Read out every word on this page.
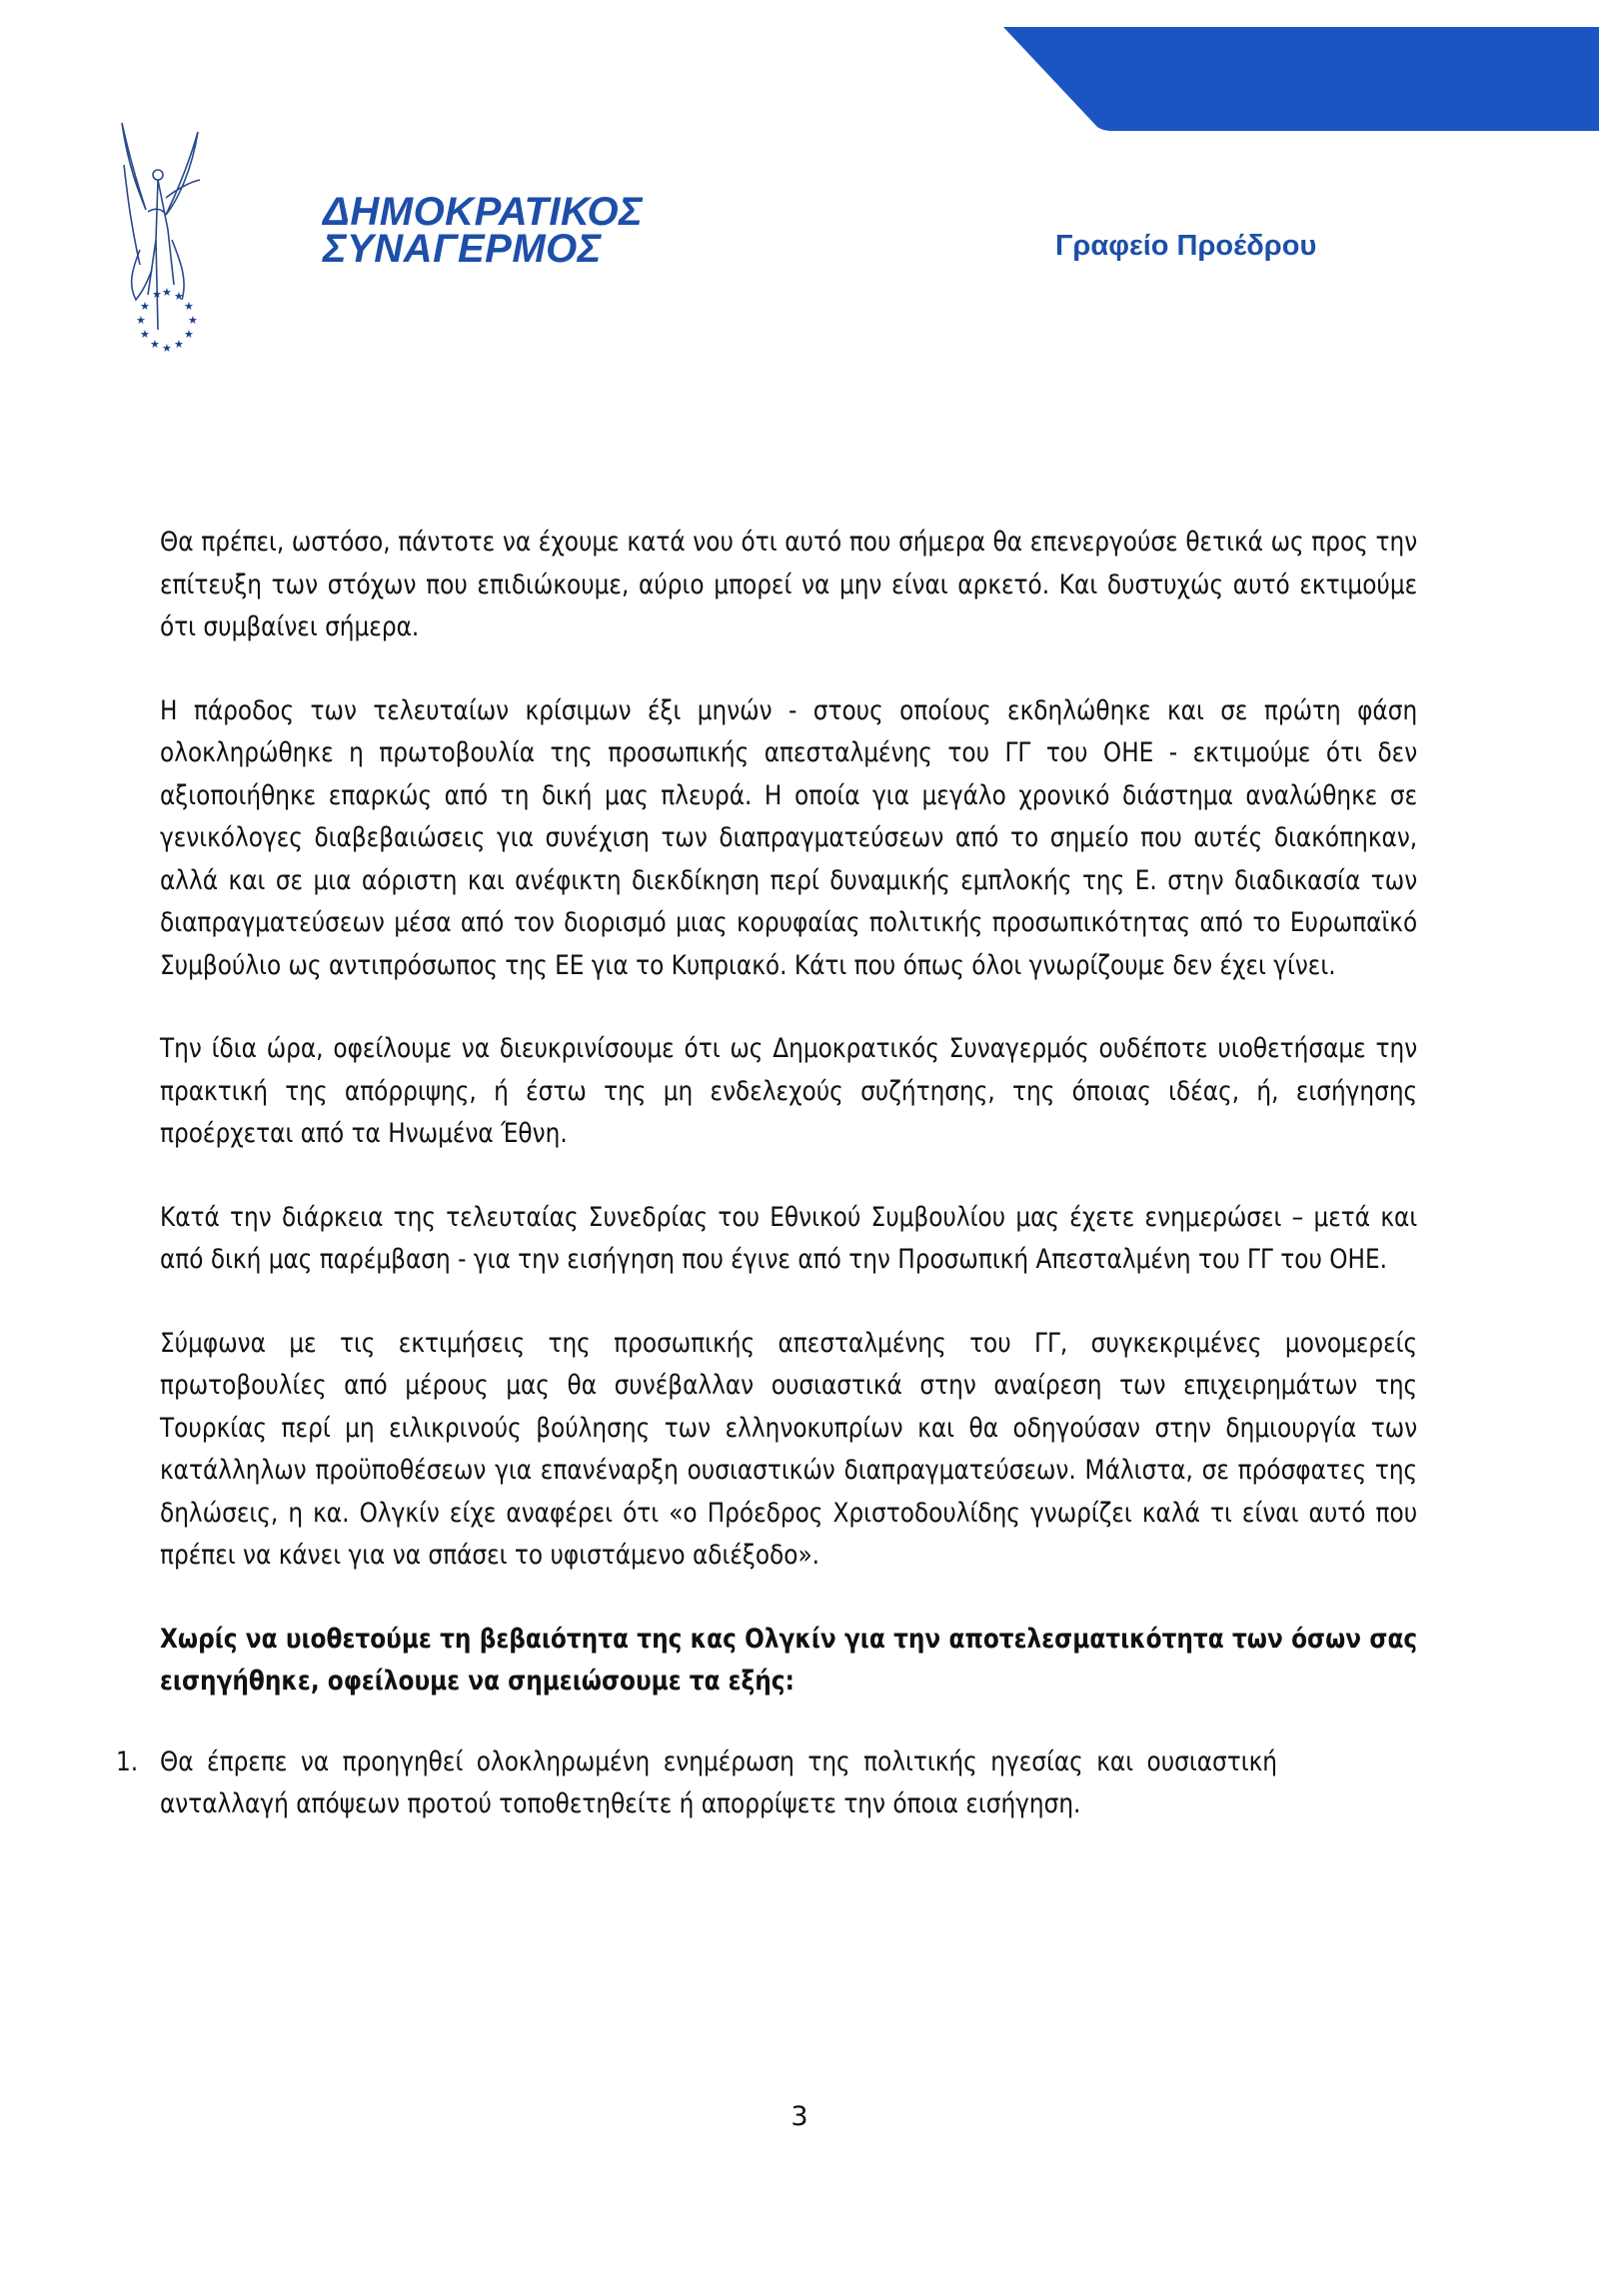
★ ★ ★
★
★
★
★
★
★
★
★
★
ΔΗΜΟΚΡΑΤΙΚΟΣ
ΣΥΝΑΓΕΡΜΟΣ	Γραφείο Προέδρου

Θα πρέπει, ωστόσο, πάντοτε να έχουμε κατά νου ότι αυτό που σήμερα θα επενεργούσε θετικά ως προς την επίτευξη των στόχων που επιδιώκουμε, αύριο μπορεί να μην είναι αρκετό. Και δυστυχώς αυτό εκτιμούμε ότι συμβαίνει σήμερα.

Η πάροδος των τελευταίων κρίσιμων έξι μηνών - στους οποίους εκδηλώθηκε και σε πρώτη φάση ολοκληρώθηκε η πρωτοβουλία της προσωπικής απεσταλμένης του ΓΓ του ΟΗΕ - εκτιμούμε ότι δεν αξιοποιήθηκε επαρκώς από τη δική μας πλευρά. Η οποία για μεγάλο χρονικό διάστημα αναλώθηκε σε γενικόλογες διαβεβαιώσεις για συνέχιση των διαπραγματεύσεων από το σημείο που αυτές διακόπηκαν, αλλά και σε μια αόριστη και ανέφικτη διεκδίκηση περί δυναμικής εμπλοκής της Ε. στην διαδικασία των διαπραγματεύσεων μέσα από τον διορισμό μιας κορυφαίας πολιτικής προσωπικότητας από το Ευρωπαϊκό Συμβούλιο ως αντιπρόσωπος της ΕΕ για το Κυπριακό. Κάτι που όπως όλοι γνωρίζουμε δεν έχει γίνει.

Την ίδια ώρα, οφείλουμε να διευκρινίσουμε ότι ως Δημοκρατικός Συναγερμός ουδέποτε υιοθετήσαμε την πρακτική της απόρριψης, ή έστω της μη ενδελεχούς συζήτησης, της όποιας ιδέας, ή, εισήγησης προέρχεται από τα Ηνωμένα Έθνη.

Κατά την διάρκεια της τελευταίας Συνεδρίας του Εθνικού Συμβουλίου μας έχετε ενημερώσει – μετά και από δική μας παρέμβαση - για την εισήγηση που έγινε από την Προσωπική Απεσταλμένη του ΓΓ του ΟΗΕ.

Σύμφωνα με τις εκτιμήσεις της προσωπικής απεσταλμένης του ΓΓ, συγκεκριμένες μονομερείς πρωτοβουλίες από μέρους μας θα συνέβαλλαν ουσιαστικά στην αναίρεση των επιχειρημάτων της Τουρκίας περί μη ειλικρινούς βούλησης των ελληνοκυπρίων και θα οδηγούσαν στην δημιουργία των κατάλληλων προϋποθέσεων για επανέναρξη ουσιαστικών διαπραγματεύσεων. Μάλιστα, σε πρόσφατες της δηλώσεις, η κα. Ολγκίν είχε αναφέρει ότι «ο Πρόεδρος Χριστοδουλίδης γνωρίζει καλά τι είναι αυτό που πρέπει να κάνει για να σπάσει το υφιστάμενο αδιέξοδο».

Χωρίς να υιοθετούμε τη βεβαιότητα της κας Ολγκίν για την αποτελεσματικότητα των όσων σας εισηγήθηκε, οφείλουμε να σημειώσουμε τα εξής:

1. Θα έπρεπε να προηγηθεί ολοκληρωμένη ενημέρωση της πολιτικής ηγεσίας και ουσιαστική ανταλλαγή απόψεων προτού τοποθετηθείτε ή απορρίψετε την όποια εισήγηση.

3
